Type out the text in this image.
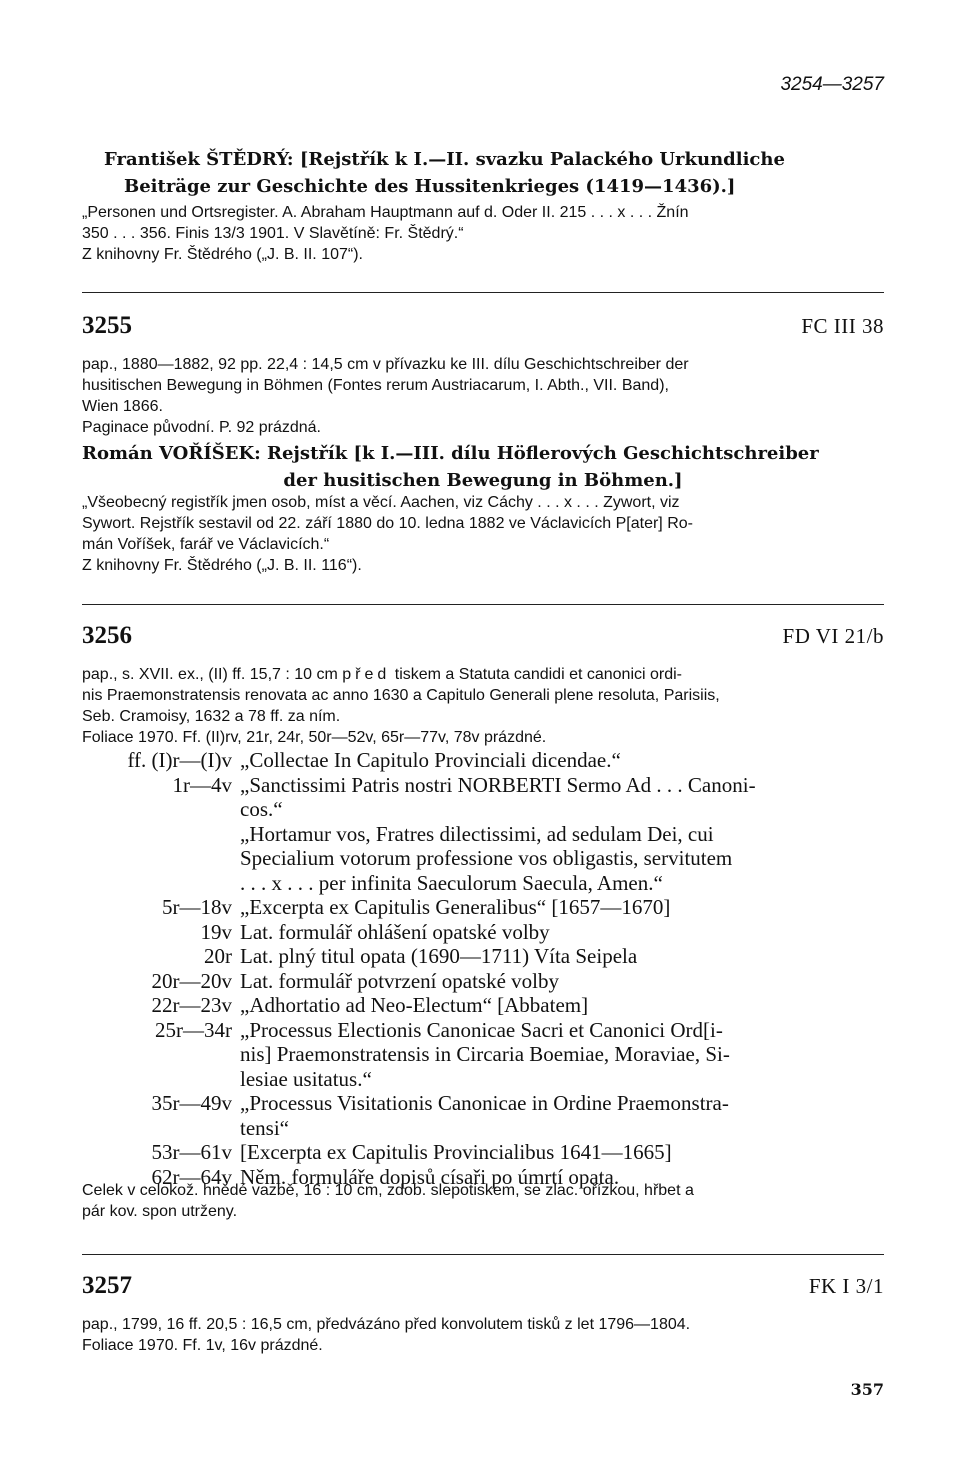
3254—3257
František ŠTĚDRÝ: [Rejstřík k I.—II. svazku Palackého Urkundliche
Beiträge zur Geschichte des Hussitenkrieges (1419—1436).]
„Personen und Ortsregister. A. Abraham Hauptmann auf d. Oder II. 215 . . . x . . . Žnín
350 . . . 356. Finis 13/3 1901. V Slavětíně: Fr. Štědrý.“
Z knihovny Fr. Štědrého („J. B. II. 107“).
3255	FC III 38
pap., 1880—1882, 92 pp. 22,4 : 14,5 cm v přívazku ke III. dílu Geschichtschreiber der
husitischen Bewegung in Böhmen (Fontes rerum Austriacarum, I. Abth., VII. Band),
Wien 1866.
Paginace původní. P. 92 prázdná.
Román VOŘÍŠEK: Rejstřík [k I.—III. dílu Höflerových Geschichtschreiber
der husitischen Bewegung in Böhmen.]
„Všeobecný registřík jmen osob, míst a věcí. Aachen, viz Cáchy . . . x . . . Zywort, viz
Sywort. Rejstřík sestavil od 22. září 1880 do 10. ledna 1882 ve Václavicích P[ater] Ro-
mán Voříšek, farář ve Václavicích.“
Z knihovny Fr. Štědrého („J. B. II. 116“).
3256	FD VI 21/b
pap., s. XVII. ex., (II) ff. 15,7 : 10 cm před tiskem a Statuta candidi et canonici ordi-
nis Praemonstratensis renovata ac anno 1630 a Capitulo Generali plene resoluta, Parisiis,
Seb. Cramoisy, 1632 a 78 ff. za ním.
Foliace 1970. Ff. (II)rv, 21r, 24r, 50r—52v, 65r—77v, 78v prázdné.
ff. (I)r—(I)v „Collectae In Capitulo Provinciali dicendae.“
1r—4v „Sanctissimi Patris nostri NORBERTI Sermo Ad . . . Canoni-
cos.“
„Hortamur vos, Fratres dilectissimi, ad sedulam Dei, cui
Specialium votorum professione vos obligastis, servitutem
. . . x . . . per infinita Saeculorum Saecula, Amen.“
5r—18v „Excerpta ex Capitulis Generalibus“ [1657—1670]
19v Lat. formulář ohlášení opatské volby
20r Lat. plný titul opata (1690—1711) Víta Seipela
20r—20v Lat. formulář potvrzení opatské volby
22r—23v „Adhortatio ad Neo-Electum“ [Abbatem]
25r—34r „Processus Electionis Canonicae Sacri et Canonici Ord[i-
nis] Praemonstratensis in Circaria Boemiae, Moraviae, Si-
lesiae usitatus.“
35r—49v „Processus Visitationis Canonicae in Ordine Praemonstra-
tensi“
53r—61v [Excerpta ex Capitulis Provincialibus 1641—1665]
62r—64v Něm. formuláře dopisů císaři po úmrtí opata.
Celek v celokož. hnědé vazbě, 16 : 10 cm, zdob. slepotiskem, se zlac. ořízkou, hřbet a
pár kov. spon utrženy.
3257	FK I 3/1
pap., 1799, 16 ff. 20,5 : 16,5 cm, předvázáno před konvolutem tisků z let 1796—1804.
Foliace 1970. Ff. 1v, 16v prázdné.
357
